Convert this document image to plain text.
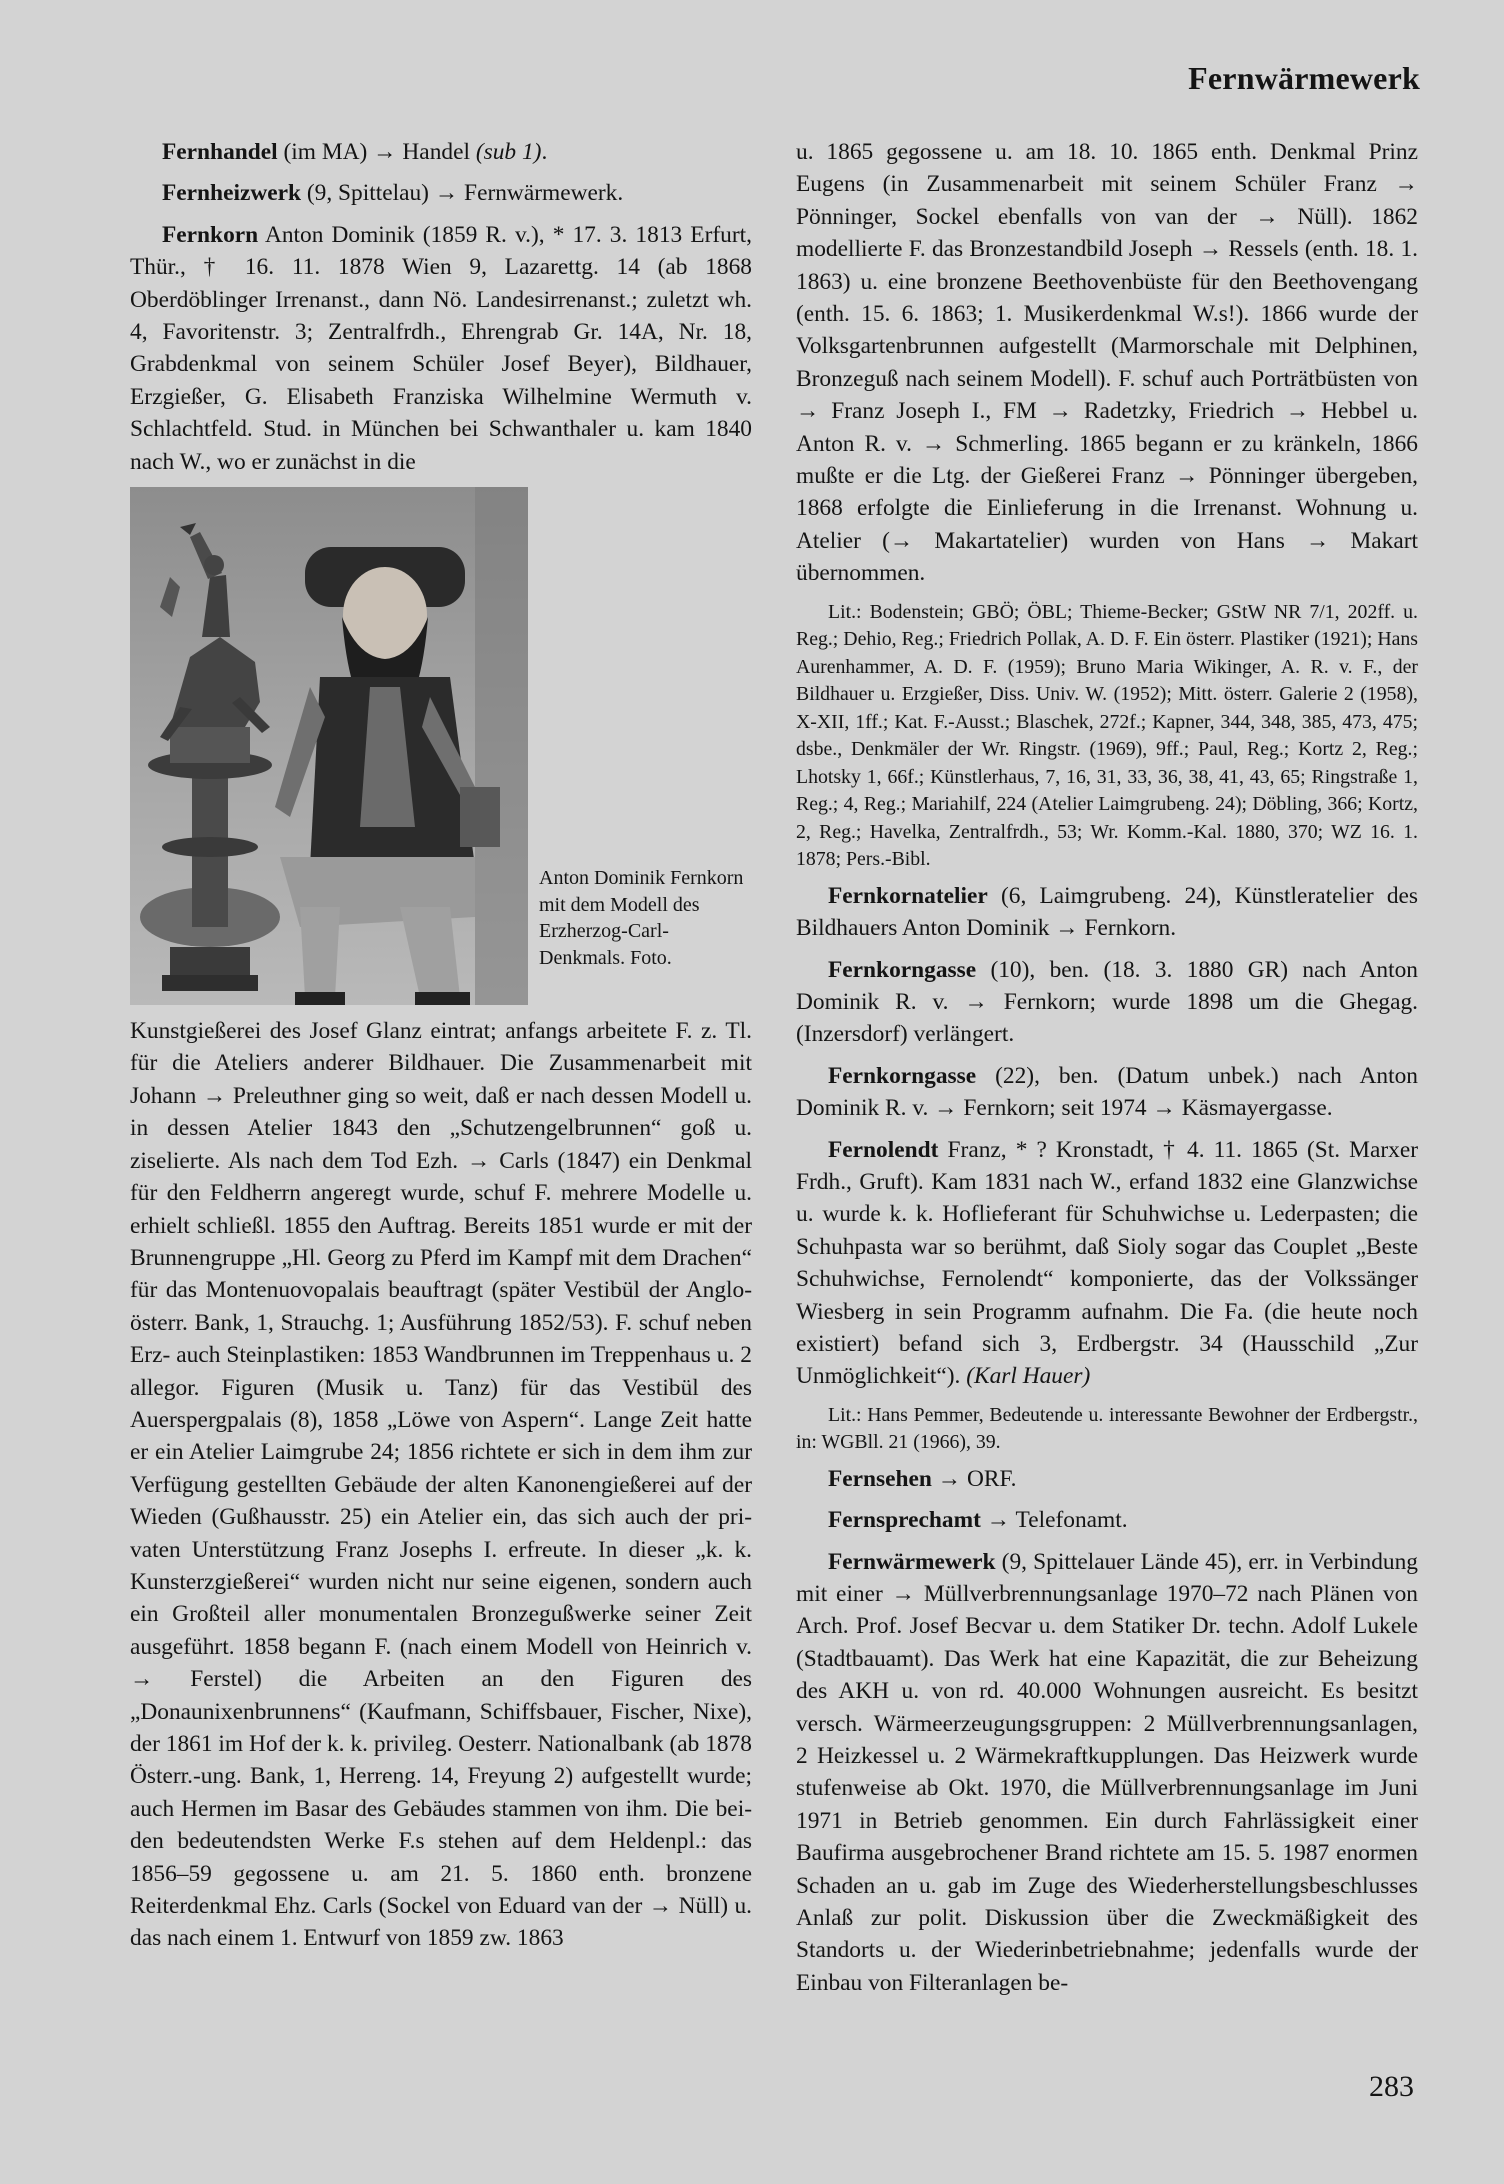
Fernwärmewerk

Fernhandel (im MA) → Handel (sub 1).

Fernheizwerk (9, Spittelau) → Fernwärmewerk.

Fernkorn Anton Dominik (1859 R. v.), * 17. 3. 1813 Erfurt, Thür., † 16. 11. 1878 Wien 9, Lazarettg. 14 (ab 1868 Oberdöblinger Irrenanst., dann Nö. Landesirrenanst.; zuletzt wh. 4, Favoritenstr. 3; Zentralfrdh., Ehrengrab Gr. 14A, Nr. 18, Grabdenkmal von seinem Schüler Josef Beyer), Bildhauer, Erzgießer, G. Elisabeth Franziska Wilhelmine Wermuth v. Schlachtfeld. Stud. in München bei Schwanthaler u. kam 1840 nach W., wo er zunächst in die

Anton Dominik Fernkorn mit dem Modell des Erzherzog-Carl-Denkmals. Foto.

Kunstgießerei des Josef Glanz eintrat; anfangs arbeitete F. z. Tl. für die Ateliers anderer Bildhauer. Die Zusammenarbeit mit Johann → Preleuthner ging so weit, daß er nach dessen Modell u. in dessen Atelier 1843 den „Schutzengelbrunnen“ goß u. ziselierte. Als nach dem Tod Ezh. → Carls (1847) ein Denkmal für den Feldherrn angeregt wurde, schuf F. mehrere Modelle u. erhielt schließl. 1855 den Auftrag. Bereits 1851 wurde er mit der Brunnengruppe „Hl. Georg zu Pferd im Kampf mit dem Drachen“ für das Montenuovopalais beauftragt (später Vestibül der Anglo-österr. Bank, 1, Strauchg. 1; Ausführung 1852/53). F. schuf neben Erz- auch Steinplastiken: 1853 Wandbrunnen im Treppenhaus u. 2 allegor. Figuren (Musik u. Tanz) für das Vestibül des Auerspergpalais (8), 1858 „Löwe von Aspern“. Lange Zeit hatte er ein Atelier Laimgrube 24; 1856 richtete er sich in dem ihm zur Verfügung gestellten Gebäude der alten Kanonengießerei auf der Wieden (Gußhausstr. 25) ein Atelier ein, das sich auch der privaten Unterstützung Franz Josephs I. erfreute. In dieser „k. k. Kunsterzgießerei“ wurden nicht nur seine eigenen, sondern auch ein Großteil aller monumentalen Bronzegußwerke seiner Zeit ausgeführt. 1858 begann F. (nach einem Modell von Heinrich v. → Ferstel) die Arbeiten an den Figuren des „Donaunixenbrunnens“ (Kaufmann, Schiffsbauer, Fischer, Nixe), der 1861 im Hof der k. k. privileg. Oesterr. Nationalbank (ab 1878 Österr.-ung. Bank, 1, Herreng. 14, Freyung 2) aufgestellt wurde; auch Hermen im Basar des Gebäudes stammen von ihm. Die beiden bedeutendsten Werke F.s stehen auf dem Heldenpl.: das 1856–59 gegossene u. am 21. 5. 1860 enth. bronzene Reiterdenkmal Ehz. Carls (Sockel von Eduard van der → Nüll) u. das nach einem 1. Entwurf von 1859 zw. 1863

u. 1865 gegossene u. am 18. 10. 1865 enth. Denkmal Prinz Eugens (in Zusammenarbeit mit seinem Schüler Franz → Pönninger, Sockel ebenfalls von van der → Nüll). 1862 modellierte F. das Bronzestandbild Joseph → Ressels (enth. 18. 1. 1863) u. eine bronzene Beethovenbüste für den Beethovengang (enth. 15. 6. 1863; 1. Musikerdenkmal W.s!). 1866 wurde der Volksgartenbrunnen aufgestellt (Marmorschale mit Delphinen, Bronzeguß nach seinem Modell). F. schuf auch Porträtbüsten von → Franz Joseph I., FM → Radetzky, Friedrich → Hebbel u. Anton R. v. → Schmerling. 1865 begann er zu kränkeln, 1866 mußte er die Ltg. der Gießerei Franz → Pönninger übergeben, 1868 erfolgte die Einlieferung in die Irrenanst. Wohnung u. Atelier (→ Makartatelier) wurden von Hans → Makart übernommen.

Lit.: Bodenstein; GBÖ; ÖBL; Thieme-Becker; GStW NR 7/1, 202ff. u. Reg.; Dehio, Reg.; Friedrich Pollak, A. D. F. Ein österr. Plastiker (1921); Hans Aurenhammer, A. D. F. (1959); Bruno Maria Wikinger, A. R. v. F., der Bildhauer u. Erzgießer, Diss. Univ. W. (1952); Mitt. österr. Galerie 2 (1958), X-XII, 1ff.; Kat. F.-Ausst.; Blaschek, 272f.; Kapner, 344, 348, 385, 473, 475; dsbe., Denkmäler der Wr. Ringstr. (1969), 9ff.; Paul, Reg.; Kortz 2, Reg.; Lhotsky 1, 66f.; Künstlerhaus, 7, 16, 31, 33, 36, 38, 41, 43, 65; Ringstraße 1, Reg.; 4, Reg.; Mariahilf, 224 (Atelier Laimgrubeng. 24); Döbling, 366; Kortz, 2, Reg.; Havelka, Zentralfrdh., 53; Wr. Komm.-Kal. 1880, 370; WZ 16. 1. 1878; Pers.-Bibl.

Fernkornatelier (6, Laimgrubeng. 24), Künstleratelier des Bildhauers Anton Dominik → Fernkorn.

Fernkorngasse (10), ben. (18. 3. 1880 GR) nach Anton Dominik R. v. → Fernkorn; wurde 1898 um die Ghegag. (Inzersdorf) verlängert.

Fernkorngasse (22), ben. (Datum unbek.) nach Anton Dominik R. v. → Fernkorn; seit 1974 → Käsmayergasse.

Fernolendt Franz, * ? Kronstadt, † 4. 11. 1865 (St. Marxer Frdh., Gruft). Kam 1831 nach W., erfand 1832 eine Glanzwichse u. wurde k. k. Hoflieferant für Schuhwichse u. Lederpasten; die Schuhpasta war so berühmt, daß Sioly sogar das Couplet „Beste Schuhwichse, Fernolendt“ komponierte, das der Volkssänger Wiesberg in sein Programm aufnahm. Die Fa. (die heute noch existiert) befand sich 3, Erdbergstr. 34 (Hausschild „Zur Unmöglichkeit“). (Karl Hauer)

Lit.: Hans Pemmer, Bedeutende u. interessante Bewohner der Erdbergstr., in: WGBll. 21 (1966), 39.

Fernsehen → ORF.

Fernsprechamt → Telefonamt.

Fernwärmewerk (9, Spittelauer Lände 45), err. in Verbindung mit einer → Müllverbrennungsanlage 1970–72 nach Plänen von Arch. Prof. Josef Becvar u. dem Statiker Dr. techn. Adolf Lukele (Stadtbauamt). Das Werk hat eine Kapazität, die zur Beheizung des AKH u. von rd. 40.000 Wohnungen ausreicht. Es besitzt versch. Wärmeerzeugungsgruppen: 2 Müllverbrennungsanlagen, 2 Heizkessel u. 2 Wärmekraftkupplungen. Das Heizwerk wurde stufenweise ab Okt. 1970, die Müllverbrennungsanlage im Juni 1971 in Betrieb genommen. Ein durch Fahrlässigkeit einer Baufirma ausgebrochener Brand richtete am 15. 5. 1987 enormen Schaden an u. gab im Zuge des Wiederherstellungsbeschlusses Anlaß zur polit. Diskussion über die Zweckmäßigkeit des Standorts u. der Wiederinbetriebnahme; jedenfalls wurde der Einbau von Filteranlagen be-

283
